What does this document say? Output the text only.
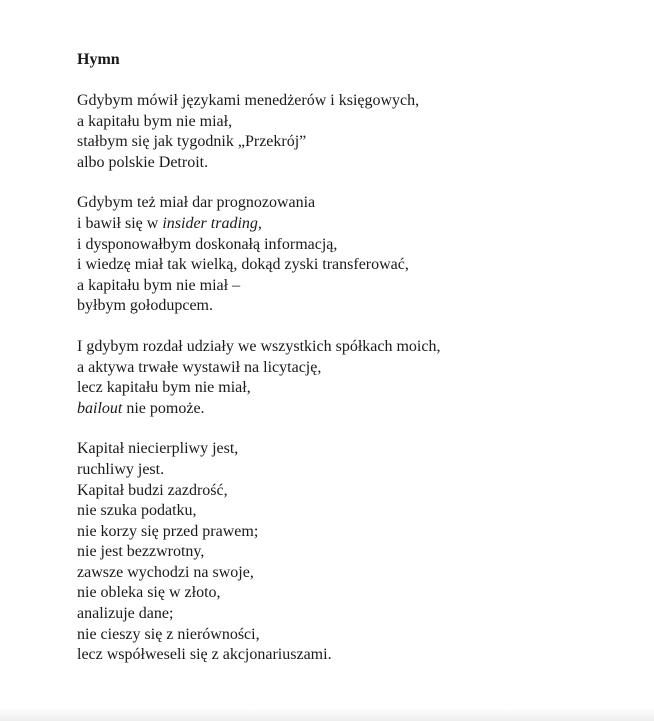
Hymn
Gdybym mówił językami menedżerów i księgowych,
a kapitału bym nie miał,
stałbym się jak tygodnik „Przekrój”
albo polskie Detroit.
Gdybym też miał dar prognozowania
i bawił się w insider trading,
i dysponowałbym doskonałą informacją,
i wiedzę miał tak wielką, dokąd zyski transferować,
a kapitału bym nie miał –
byłbym gołodupcem.
I gdybym rozdał udziały we wszystkich spółkach moich,
a aktywa trwałe wystawił na licytację,
lecz kapitału bym nie miał,
bailout nie pomoże.
Kapitał niecierpliwy jest,
ruchliwy jest.
Kapitał budzi zazdrość,
nie szuka podatku,
nie korzy się przed prawem;
nie jest bezzwrotny,
zawsze wychodzi na swoje,
nie obleka się w złoto,
analizuje dane;
nie cieszy się z nierówności,
lecz współweseli się z akcjonariuszami.
